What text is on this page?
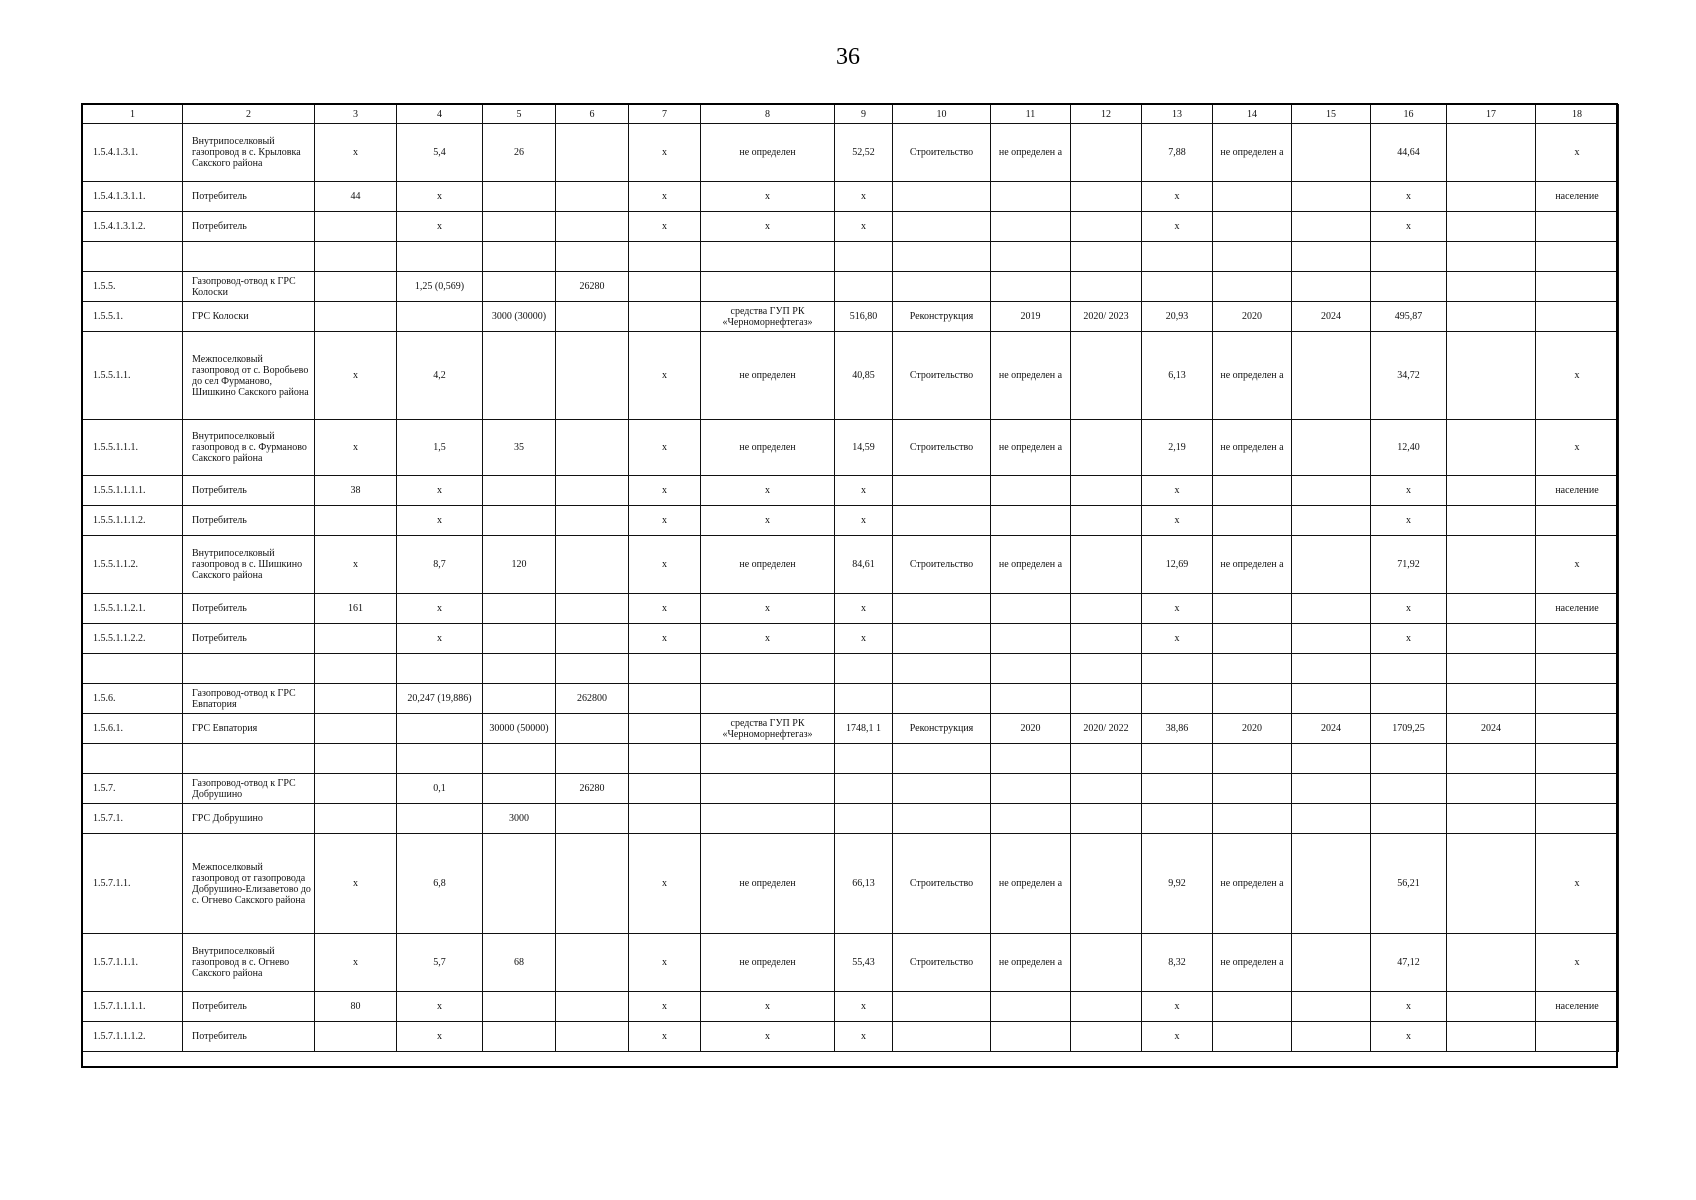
36
1	2	3	4	5	6	7	8	9	10	11	12	13	14	15	16	17	18
1.5.4.1.3.1.	Внутрипоселковый газопровод в с. Крыловка Сакского района	x	5,4	26		x	не определен	52,52	Строительство	не определен а		7,88	не определен а		44,64		x
1.5.4.1.3.1.1.	Потребитель	44	x			x	x	x				x			x		население
1.5.4.1.3.1.2.	Потребитель		x			x	x	x				x			x		

1.5.5.	Газопровод-отвод к ГРС Колоски		1,25 (0,569)		26280												
1.5.5.1.	ГРС Колоски			3000 (30000)			средства ГУП РК «Черноморнефтегаз»	516,80	Реконструкция	2019	2020/ 2023	20,93	2020	2024	495,87		
1.5.5.1.1.	Межпоселковый газопровод от с. Воробьево до сел Фурманово, Шишкино Сакского района	x	4,2			x	не определен	40,85	Строительство	не определен а		6,13	не определен а		34,72		x
1.5.5.1.1.1.	Внутрипоселковый газопровод в с. Фурманово Сакского района	x	1,5	35		x	не определен	14,59	Строительство	не определен а		2,19	не определен а		12,40		x
1.5.5.1.1.1.1.	Потребитель	38	x			x	x	x				x			x		население
1.5.5.1.1.1.2.	Потребитель		x			x	x	x				x			x		
1.5.5.1.1.2.	Внутрипоселковый газопровод в с. Шишкино Сакского района	x	8,7	120		x	не определен	84,61	Строительство	не определен а		12,69	не определен а		71,92		x
1.5.5.1.1.2.1.	Потребитель	161	x			x	x	x				x			x		население
1.5.5.1.1.2.2.	Потребитель		x			x	x	x				x			x		

1.5.6.	Газопровод-отвод к ГРС Евпатория		20,247 (19,886)		262800												
1.5.6.1.	ГРС Евпатория			30000 (50000)			средства ГУП РК «Черноморнефтегаз»	1748,1 1	Реконструкция	2020	2020/ 2022	38,86	2020	2024	1709,25	2024	

1.5.7.	Газопровод-отвод к ГРС Добрушино		0,1		26280												
1.5.7.1.	ГРС Добрушино			3000													
1.5.7.1.1.	Межпоселковый газопровод от газопровода Добрушино-Елизаветово до с. Огнево Сакского района	x	6,8			x	не определен	66,13	Строительство	не определен а		9,92	не определен а		56,21		x
1.5.7.1.1.1.	Внутрипоселковый газопровод в с. Огнево Сакского района	x	5,7	68		x	не определен	55,43	Строительство	не определен а		8,32	не определен а		47,12		x
1.5.7.1.1.1.1.	Потребитель	80	x			x	x	x				x			x		население
1.5.7.1.1.1.2.	Потребитель		x			x	x	x				x			x		
